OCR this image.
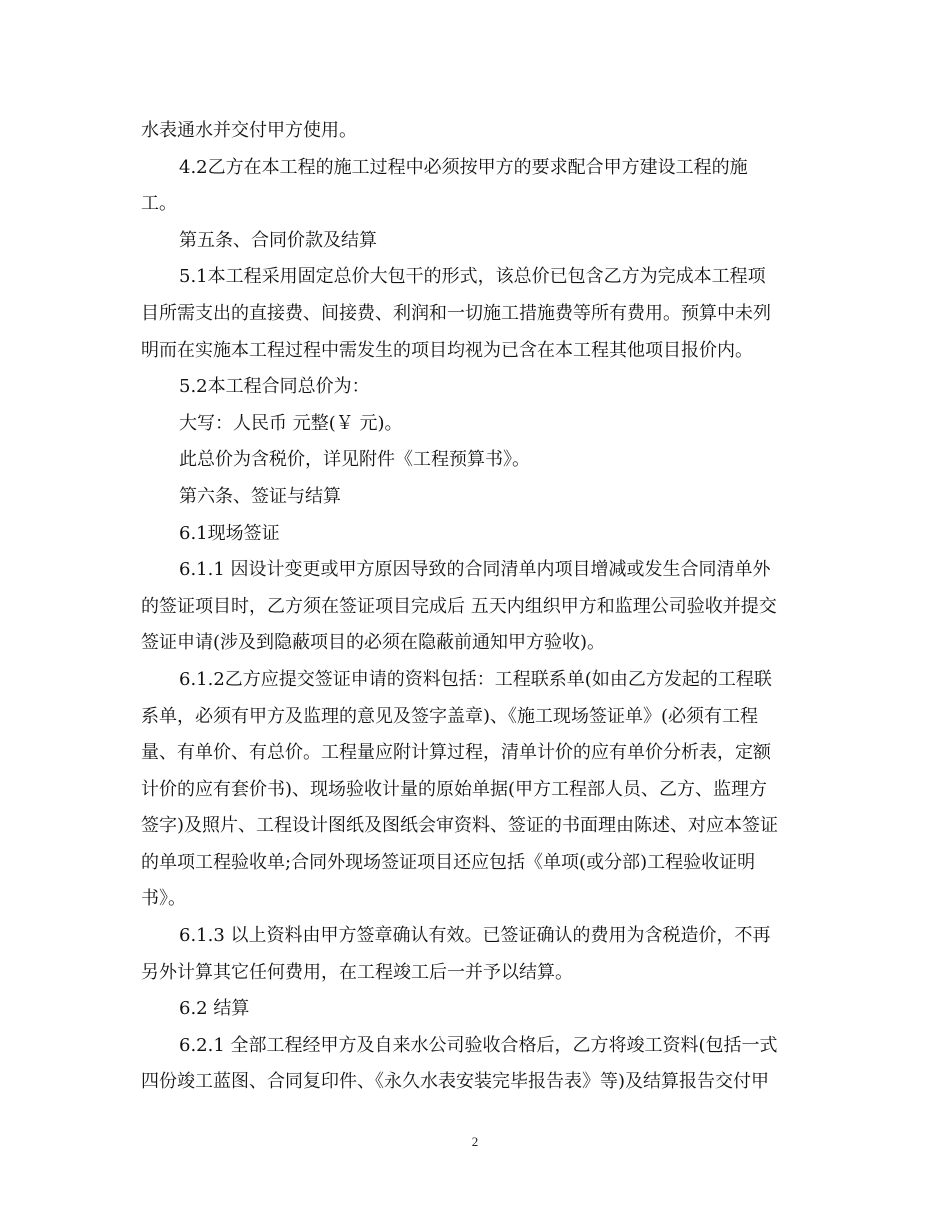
水表通水并交付甲方使用。

4.2乙方在本工程的施工过程中必须按甲方的要求配合甲方建设工程的施

工。

第五条、合同价款及结算

5.1本工程采用固定总价大包干的形式，该总价已包含乙方为完成本工程项

目所需支出的直接费、间接费、利润和一切施工措施费等所有费用。预算中未列

明而在实施本工程过程中需发生的项目均视为已含在本工程其他项目报价内。

5.2本工程合同总价为：

大写：人民币 元整(￥ 元)。

此总价为含税价，详见附件《工程预算书》。

第六条、签证与结算

6.1现场签证

6.1.1 因设计变更或甲方原因导致的合同清单内项目增减或发生合同清单外

的签证项目时，乙方须在签证项目完成后 五天内组织甲方和监理公司验收并提交

签证申请(涉及到隐蔽项目的必须在隐蔽前通知甲方验收)。

6.1.2乙方应提交签证申请的资料包括：工程联系单(如由乙方发起的工程联

系单，必须有甲方及监理的意见及签字盖章)、《施工现场签证单》(必须有工程

量、有单价、有总价。工程量应附计算过程，清单计价的应有单价分析表，定额

计价的应有套价书)、现场验收计量的原始单据(甲方工程部人员、乙方、监理方

签字)及照片、工程设计图纸及图纸会审资料、签证的书面理由陈述、对应本签证

的单项工程验收单;合同外现场签证项目还应包括《单项(或分部)工程验收证明

书》。

6.1.3 以上资料由甲方签章确认有效。已签证确认的费用为含税造价，不再

另外计算其它任何费用，在工程竣工后一并予以结算。

6.2 结算

6.2.1 全部工程经甲方及自来水公司验收合格后，乙方将竣工资料(包括一式

四份竣工蓝图、合同复印件、《永久水表安装完毕报告表》等)及结算报告交付甲

2
